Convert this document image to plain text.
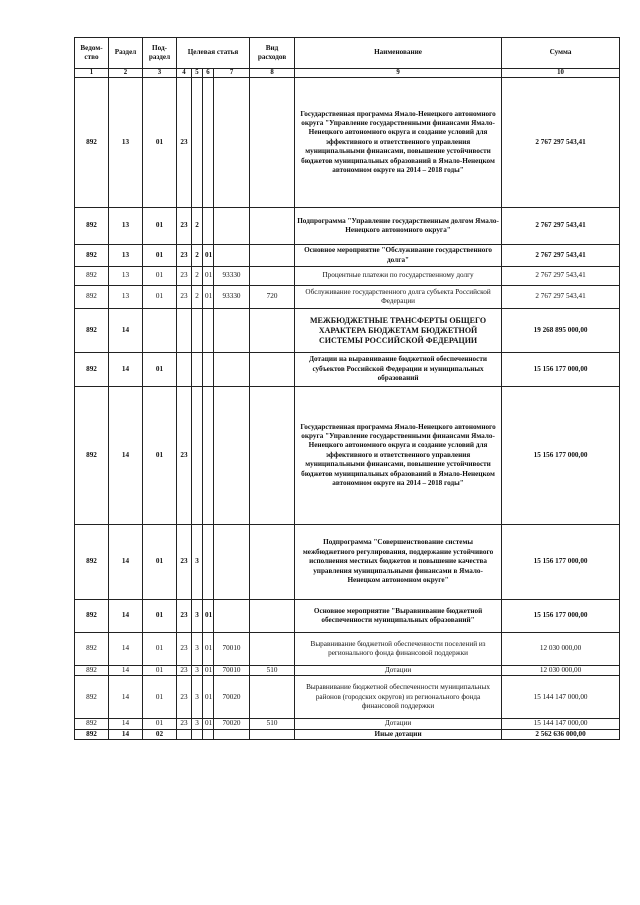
Ведом-ство	Раздел	Под-раздел	Целевая статья				Вид расходов	Наименование	Сумма
1	2	3	4	5	6	7	8	9	10
892	13	01	23					Государственная программа Ямало-Ненецкого автономного округа "Управление государственными финансами Ямало-Ненецкого автономного округа и создание условий для эффективного и ответственного управления муниципальными финансами, повышение устойчивости бюджетов муниципальных образований в Ямало-Ненецком автономном округе на 2014 – 2018 годы"	2 767 297 543,41
892	13	01	23	2				Подпрограмма "Управление государственным долгом Ямало-Ненецкого автономного округа"	2 767 297 543,41
892	13	01	23	2	01			Основное мероприятие "Обслуживание государственного долга"	2 767 297 543,41
892	13	01	23	2	01	93330		Процентные платежи по государственному долгу	2 767 297 543,41
892	13	01	23	2	01	93330	720	Обслуживание государственного долга субъекта Российской Федерации	2 767 297 543,41
892	14							МЕЖБЮДЖЕТНЫЕ ТРАНСФЕРТЫ ОБЩЕГО ХАРАКТЕРА БЮДЖЕТАМ БЮДЖЕТНОЙ СИСТЕМЫ РОССИЙСКОЙ ФЕДЕРАЦИИ	19 268 895 000,00
892	14	01						Дотации на выравнивание бюджетной обеспеченности субъектов Российской Федерации и муниципальных образований	15 156 177 000,00
892	14	01	23					Государственная программа Ямало-Ненецкого автономного округа "Управление государственными финансами Ямало-Ненецкого автономного округа и создание условий для эффективного и ответственного управления муниципальными финансами, повышение устойчивости бюджетов муниципальных образований в Ямало-Ненецком автономном округе на 2014 – 2018 годы"	15 156 177 000,00
892	14	01	23	3				Подпрограмма "Совершенствование системы межбюджетного регулирования, поддержание устойчивого исполнения местных бюджетов и повышение качества управления муниципальными финансами в Ямало-Ненецком автономном округе"	15 156 177 000,00
892	14	01	23	3	01			Основное мероприятие "Выравнивание бюджетной обеспеченности муниципальных образований"	15 156 177 000,00
892	14	01	23	3	01	70010		Выравнивание бюджетной обеспеченности поселений из регионального фонда финансовой поддержки	12 030 000,00
892	14	01	23	3	01	70010	510	Дотации	12 030 000,00
892	14	01	23	3	01	70020		Выравнивание бюджетной обеспеченности муниципальных районов (городских округов) из регионального фонда финансовой поддержки	15 144 147 000,00
892	14	01	23	3	01	70020	510	Дотации	15 144 147 000,00
892	14	02						Иные дотации	2 562 636 000,00
